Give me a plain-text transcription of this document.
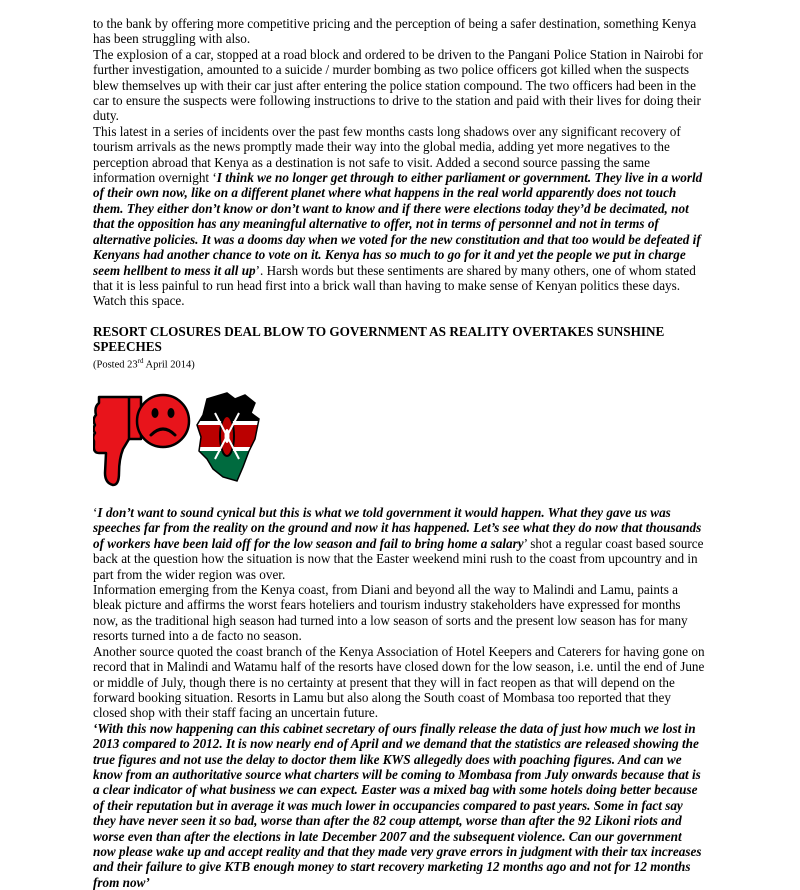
to the bank by offering more competitive pricing and the perception of being a safer destination, something Kenya has been struggling with also.

The explosion of a car, stopped at a road block and ordered to be driven to the Pangani Police Station in Nairobi for further investigation, amounted to a suicide / murder bombing as two police officers got killed when the suspects blew themselves up with their car just after entering the police station compound. The two officers had been in the car to ensure the suspects were following instructions to drive to the station and paid with their lives for doing their duty.

This latest in a series of incidents over the past few months casts long shadows over any significant recovery of tourism arrivals as the news promptly made their way into the global media, adding yet more negatives to the perception abroad that Kenya as a destination is not safe to visit. Added a second source passing the same information overnight ‘I think we no longer get through to either parliament or government. They live in a world of their own now, like on a different planet where what happens in the real world apparently does not touch them. They either don’t know or don’t want to know and if there were elections today they’d be decimated, not that the opposition has any meaningful alternative to offer, not in terms of personnel and not in terms of alternative policies. It was a dooms day when we voted for the new constitution and that too would be defeated if Kenyans had another chance to vote on it. Kenya has so much to go for it and yet the people we put in charge seem hellbent to mess it all up’. Harsh words but these sentiments are shared by many others, one of whom stated that it is less painful to run head first into a brick wall than having to make sense of Kenyan politics these days. Watch this space.

RESORT CLOSURES DEAL BLOW TO GOVERNMENT AS REALITY OVERTAKES SUNSHINE SPEECHES

(Posted 23rd April 2014)

‘I don’t want to sound cynical but this is what we told government it would happen. What they gave us was speeches far from the reality on the ground and now it has happened. Let’s see what they do now that thousands of workers have been laid off for the low season and fail to bring home a salary’ shot a regular coast based source back at the question how the situation is now that the Easter weekend mini rush to the coast from upcountry and in part from the wider region was over.

Information emerging from the Kenya coast, from Diani and beyond all the way to Malindi and Lamu, paints a bleak picture and affirms the worst fears hoteliers and tourism industry stakeholders have expressed for months now, as the traditional high season had turned into a low season of sorts and the present low season has for many resorts turned into a de facto no season.

Another source quoted the coast branch of the Kenya Association of Hotel Keepers and Caterers for having gone on record that in Malindi and Watamu half of the resorts have closed down for the low season, i.e. until the end of June or middle of July, though there is no certainty at present that they will in fact reopen as that will depend on the forward booking situation. Resorts in Lamu but also along the South coast of Mombasa too reported that they closed shop with their staff facing an uncertain future.

‘With this now happening can this cabinet secretary of ours finally release the data of just how much we lost in 2013 compared to 2012. It is now nearly end of April and we demand that the statistics are released showing the true figures and not use the delay to doctor them like KWS allegedly does with poaching figures. And can we know from an authoritative source what charters will be coming to Mombasa from July onwards because that is a clear indicator of what business we can expect. Easter was a mixed bag with some hotels doing better because of their reputation but in average it was much lower in occupancies compared to past years. Some in fact say they have never seen it so bad, worse than after the 82 coup attempt, worse than after the 92 Likoni riots and worse even than after the elections in late December 2007 and the subsequent violence. Can our government now please wake up and accept reality and that they made very grave errors in judgment with their tax increases and their failure to give KTB enough money to start recovery marketing 12 months ago and not for 12 months from now’
